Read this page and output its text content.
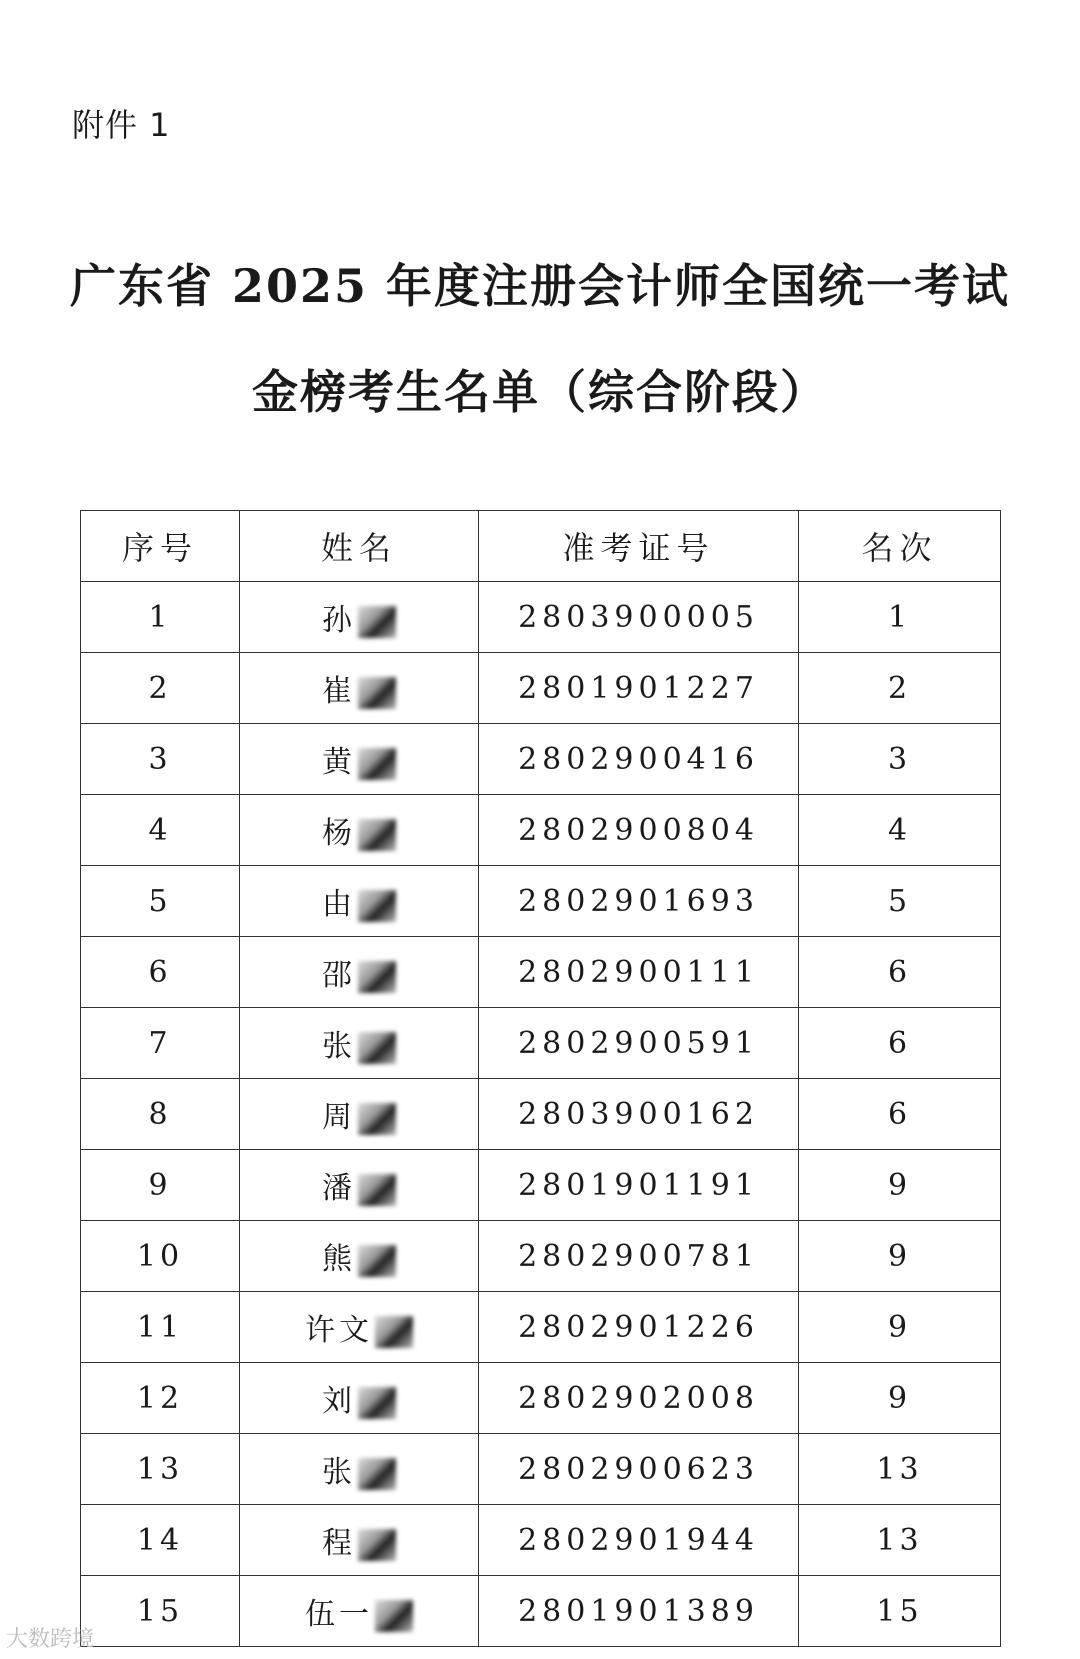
附件 1
广东省 2025 年度注册会计师全国统一考试
金榜考生名单（综合阶段）
序号	姓名	准考证号	名次
1	孙	2803900005	1
2	崔	2801901227	2
3	黄	2802900416	3
4	杨	2802900804	4
5	由	2802901693	5
6	邵	2802900111	6
7	张	2802900591	6
8	周	2803900162	6
9	潘	2801901191	9
10	熊	2802900781	9
11	许文	2802901226	9
12	刘	2802902008	9
13	张	2802900623	13
14	程	2802901944	13
15	伍一	2801901389	15
大数跨境
